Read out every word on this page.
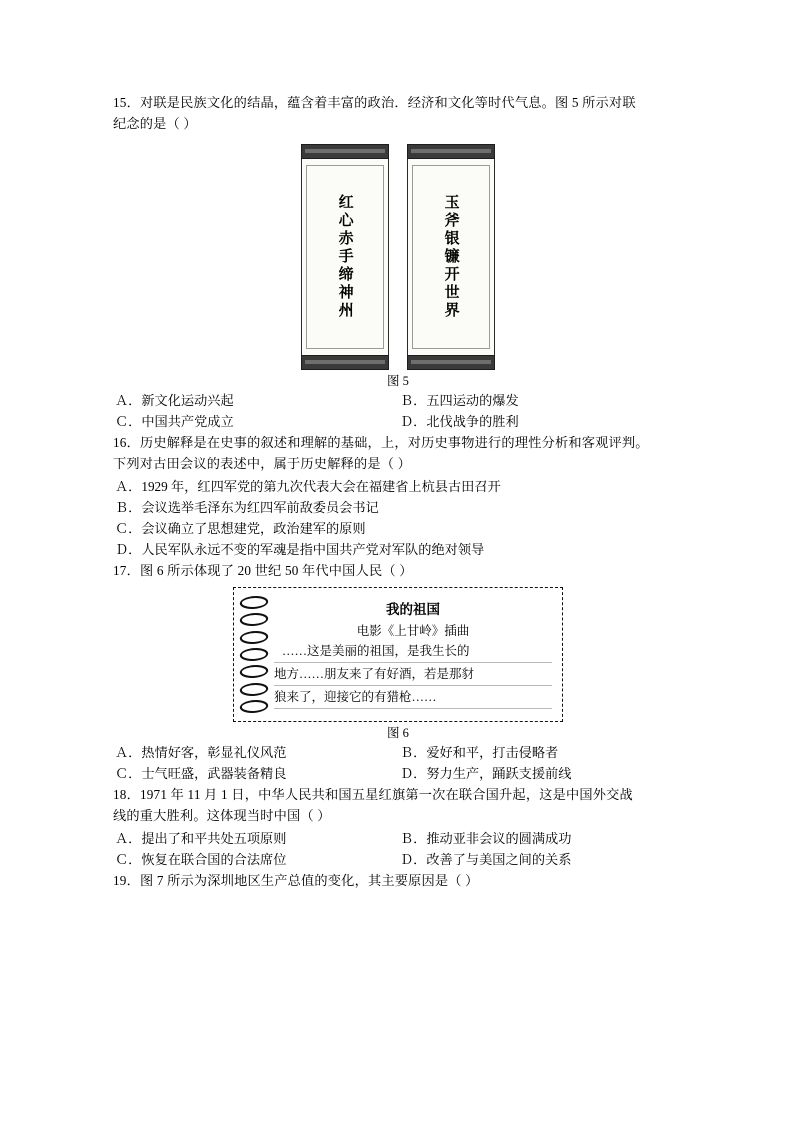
15．对联是民族文化的结晶，蕴含着丰富的政治．经济和文化等时代气息。图 5 所示对联
纪念的是（ ）
红心赤手缔神州	玉斧银镰开世界
图 5
Ａ．新文化运动兴起	Ｂ．五四运动的爆发
Ｃ．中国共产党成立	Ｄ．北伐战争的胜利
16．历史解释是在史事的叙述和理解的基础，上，对历史事物进行的理性分析和客观评判。
下列对古田会议的表述中，属于历史解释的是（ ）
Ａ．1929 年，红四军党的第九次代表大会在福建省上杭县古田召开
Ｂ．会议选举毛泽东为红四军前敌委员会书记
Ｃ．会议确立了思想建党，政治建军的原则
Ｄ．人民军队永远不变的军魂是指中国共产党对军队的绝对领导
17．图 6 所示体现了 20 世纪 50 年代中国人民（ ）
我的祖国
电影《上甘岭》插曲
……这是美丽的祖国，是我生长的
地方……朋友来了有好酒，若是那豺
狼来了，迎接它的有猎枪……
图 6
Ａ．热情好客，彰显礼仪风范	Ｂ．爱好和平，打击侵略者
Ｃ．士气旺盛，武器装备精良	Ｄ．努力生产，踊跃支援前线
18．1971 年 11 月 1 日，中华人民共和国五星红旗第一次在联合国升起，这是中国外交战
线的重大胜利。这体现当时中国（ ）
Ａ．提出了和平共处五项原则	Ｂ．推动亚非会议的圆满成功
Ｃ．恢复在联合国的合法席位	Ｄ．改善了与美国之间的关系
19．图 7 所示为深圳地区生产总值的变化，其主要原因是（ ）
